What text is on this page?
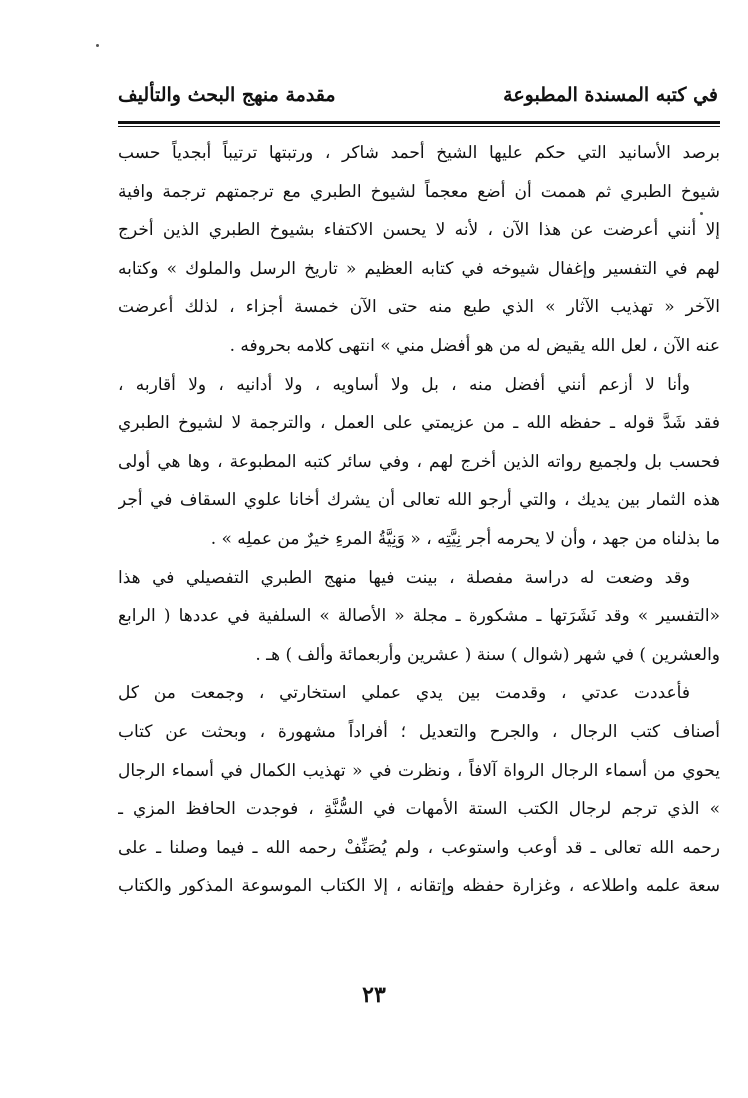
في كتبه المسندة المطبوعة
مقدمة منهج البحث والتأليف
برصد الأسانيد التي حكم عليها الشيخ أحمد شاكر ، ورتبتها ترتيباً أبجدياً حسب
شيوخ الطبري ثم هممت أن أضع معجماً لشيوخ الطبري مع ترجمتهم ترجمة وافية
إلا أنني أعرضت عن هذا الآن ، لأنه لا يحسن الاكتفاء بشيوخ الطبري الذين أخرج
لهم في التفسير وإغفال شيوخه في كتابه العظيم « تاريخ الرسل والملوك » وكتابه
الآخر « تهذيب الآثار » الذي طبع منه حتى الآن خمسة أجزاء ، لذلك أعرضت
عنه الآن ، لعل الله يقيض له من هو أفضل مني » انتهى كلامه بحروفه .
وأنا لا أزعم أنني أفضل منه ، بل ولا أساويه ، ولا أدانيه ، ولا أقاربه ،
فقد شَدَّ قوله ـ حفظه الله ـ من عزيمتي على العمل ، والترجمة لا لشيوخ الطبري
فحسب بل ولجميع رواته الذين أخرج لهم ، وفي سائر كتبه المطبوعة ، وها هي أولى
هذه الثمار بين يديك ، والتي أرجو الله تعالى أن يشرك أخانا علوي السقاف في أجر
ما بذلناه من جهد ، وأن لا يحرمه أجر نِيَّتِه ، « وَنِيَّةُ المرءِ خيرٌ من عملِه » .
وقد وضعت له دراسة مفصلة ، بينت فيها منهج الطبري التفصيلي في هذا
«التفسير » وقد نَشَرَتها ـ مشكورة ـ مجلة « الأصالة » السلفية في عددها ( الرابع
والعشرين ) في شهر (شوال ) سنة ( عشرين وأربعمائة وألف ) هـ .
فأعددت عدتي ، وقدمت بين يدي عملي استخارتي ، وجمعت من كل
أصناف كتب الرجال ، والجرح والتعديل ؛ أفراداً مشهورة ، وبحثت عن كتاب
يحوي من أسماء الرجال الرواة آلافاً ، ونظرت في « تهذيب الكمال في أسماء الرجال
» الذي ترجم لرجال الكتب الستة الأمهات في السُّنَّةِ ، فوجدت الحافظ المزي ـ
رحمه الله تعالى ـ قد أوعب واستوعب ، ولم يُصَنِّفْ رحمه الله ـ فيما وصلنا ـ على
سعة علمه واطلاعه ، وغزارة حفظه وإتقانه ، إلا الكتاب الموسوعة المذكور والكتاب
٢٣
